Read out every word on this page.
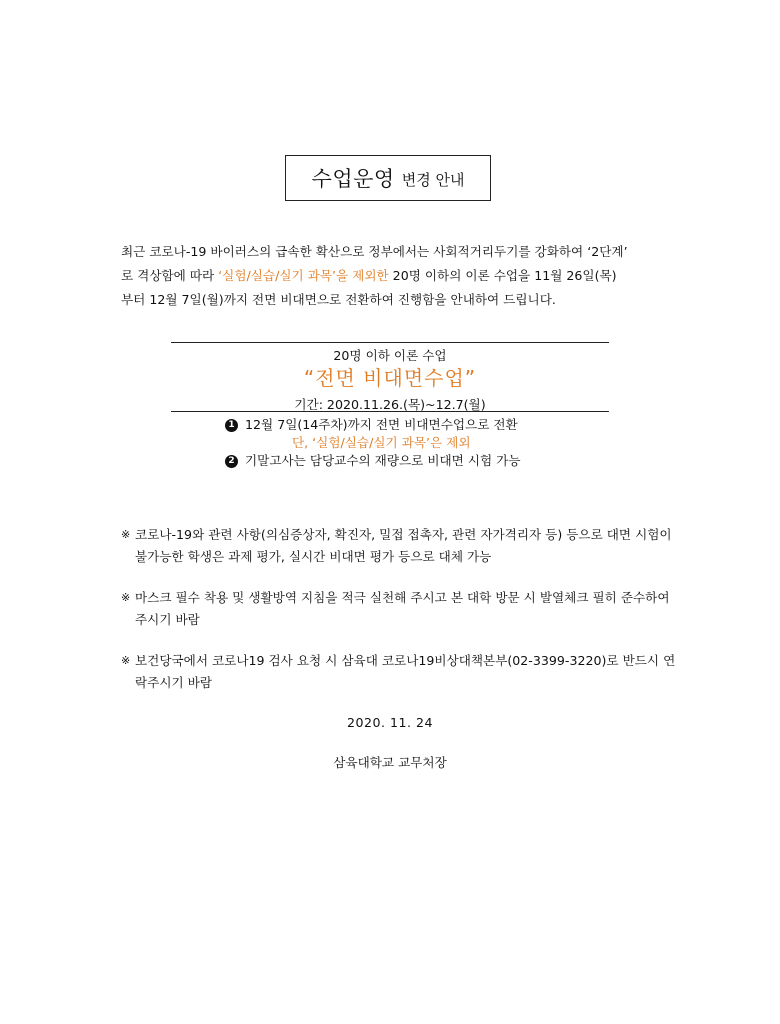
수업운영 변경 안내
최근 코로나-19 바이러스의 급속한 확산으로 정부에서는 사회적거리두기를 강화하여 ‘2단계’
로 격상함에 따라 ‘실험/실습/실기 과목’을 제외한 20명 이하의 이론 수업을 11월 26일(목)
부터 12월 7일(월)까지 전면 비대면으로 전환하여 진행함을 안내하여 드립니다.
20명 이하 이론 수업
“전면 비대면수업”
기간: 2020.11.26.(목)~12.7(월)
1 12월 7일(14주차)까지 전면 비대면수업으로 전환
단, ‘실험/실습/실기 과목’은 제외
2 기말고사는 담당교수의 재량으로 비대면 시험 가능
※ 코로나-19와 관련 사항(의심증상자, 확진자, 밀접 접촉자, 관련 자가격리자 등) 등으로 대면 시험이 불가능한 학생은 과제 평가, 실시간 비대면 평가 등으로 대체 가능
※ 마스크 필수 착용 및 생활방역 지침을 적극 실천해 주시고 본 대학 방문 시 발열체크 필히 준수하여 주시기 바람
※ 보건당국에서 코로나19 검사 요청 시 삼육대 코로나19비상대책본부(02-3399-3220)로 반드시 연락주시기 바람
2020. 11. 24
삼육대학교 교무처장
